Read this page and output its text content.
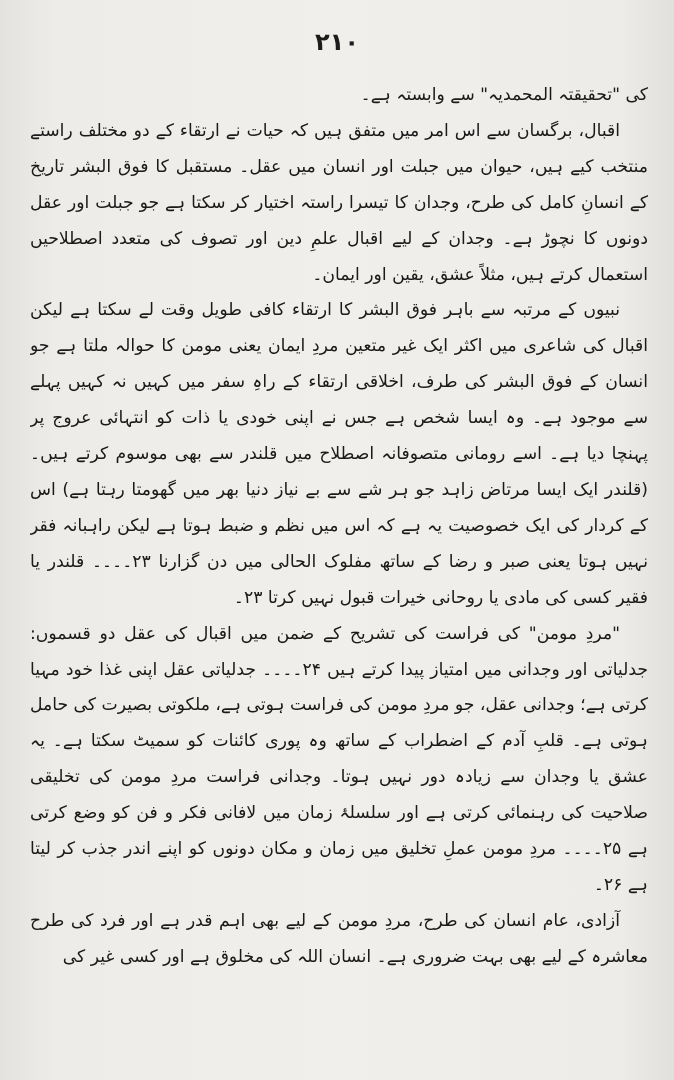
۲۱۰

کی "تحقیقتہ المحمدیہ" سے وابستہ ہے۔

اقبال، برگسان سے اس امر میں متفق ہیں کہ حیات نے ارتقاء کے دو مختلف راستے منتخب کیے ہیں، حیوان میں جبلت اور انسان میں عقل۔ مستقبل کا فوق البشر تاریخ کے انسانِ کامل کی طرح، وجدان کا تیسرا راستہ اختیار کر سکتا ہے جو جبلت اور عقل دونوں کا نچوڑ ہے۔ وجدان کے لیے اقبال علمِ دین اور تصوف کی متعدد اصطلاحیں استعمال کرتے ہیں، مثلاً عشق، یقین اور ایمان۔

نبیوں کے مرتبہ سے باہر فوق البشر کا ارتقاء کافی طویل وقت لے سکتا ہے لیکن اقبال کی شاعری میں اکثر ایک غیر متعین مردِ ایمان یعنی مومن کا حوالہ ملتا ہے جو انسان کے فوق البشر کی طرف، اخلاقی ارتقاء کے راہِ سفر میں کہیں نہ کہیں پہلے سے موجود ہے۔ وہ ایسا شخص ہے جس نے اپنی خودی یا ذات کو انتہائی عروج پر پہنچا دیا ہے۔ اسے رومانی متصوفانہ اصطلاح میں قلندر سے بھی موسوم کرتے ہیں۔ (قلندر ایک ایسا مرتاض زاہد جو ہر شے سے بے نیاز دنیا بھر میں گھومتا رہتا ہے) اس کے کردار کی ایک خصوصیت یہ ہے کہ اس میں نظم و ضبط ہوتا ہے لیکن راہبانہ فقر نہیں ہوتا یعنی صبر و رضا کے ساتھ مفلوک الحالی میں دن گزارنا ۲۳۔۔۔۔ قلندر یا فقیر کسی کی مادی یا روحانی خیرات قبول نہیں کرتا ۲۳۔

"مردِ مومن" کی فراست کی تشریح کے ضمن میں اقبال کی عقل دو قسموں: جدلیاتی اور وجدانی میں امتیاز پیدا کرتے ہیں ۲۴۔۔۔۔ جدلیاتی عقل اپنی غذا خود مہیا کرتی ہے؛ وجدانی عقل، جو مردِ مومن کی فراست ہوتی ہے، ملکوتی بصیرت کی حامل ہوتی ہے۔ قلبِ آدم کے اضطراب کے ساتھ وہ پوری کائنات کو سمیٹ سکتا ہے۔ یہ عشق یا وجدان سے زیادہ دور نہیں ہوتا۔ وجدانی فراست مردِ مومن کی تخلیقی صلاحیت کی رہنمائی کرتی ہے اور سلسلۂ زمان میں لافانی فکر و فن کو وضع کرتی ہے ۲۵۔۔۔۔ مردِ مومن عملِ تخلیق میں زمان و مکان دونوں کو اپنے اندر جذب کر لیتا ہے ۲۶۔

آزادی، عام انسان کی طرح، مردِ مومن کے لیے بھی اہم قدر ہے اور فرد کی طرح معاشرہ کے لیے بھی بہت ضروری ہے۔ انسان اللہ کی مخلوق ہے اور کسی غیر کی
